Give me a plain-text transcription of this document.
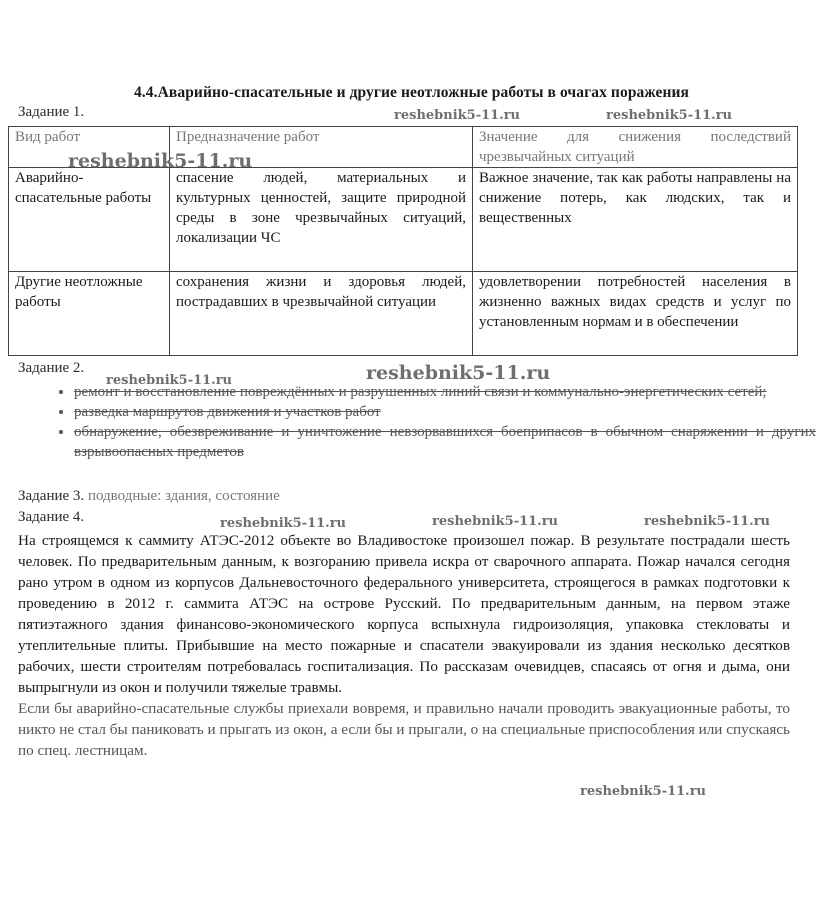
4.4.Аварийно-спасательные и другие неотложные работы в очагах поражения
Задание 1.
Вид работ	Предназначение работ	Значение для снижения последствий чрезвычайных ситуаций
Аварийно-спасательные работы	спасение людей, материальных и культурных ценностей, защите природной среды в зоне чрезвычайных ситуаций, локализации ЧС	Важное значение, так как работы направлены на снижение потерь, как людских, так и вещественных
Другие неотложные работы	сохранения жизни и здоровья людей, пострадавших в чрезвычайной ситуации	удовлетворении потребностей населения в жизненно важных видах средств и услуг по установленным нормам и в обеспечении
Задание 2.
• ремонт и восстановление повреждённых и разрушенных линий связи и коммунально-энергетических сетей;
• разведка маршрутов движения и участков работ
• обнаружение, обезвреживание и уничтожение невзорвавшихся боеприпасов в обычном снаряжении и других взрывоопасных предметов
Задание 3. подводные: здания, состояние
Задание 4.

На строящемся к саммиту АТЭС-2012 объекте во Владивостоке произошел пожар. В результате пострадали шесть человек. По предварительным данным, к возгоранию привела искра от сварочного аппарата. Пожар начался сегодня рано утром в одном из корпусов Дальневосточного федерального университета, строящегося в рамках подготовки к проведению в 2012 г. саммита АТЭС на острове Русский. По предварительным данным, на первом этаже пятиэтажного здания финансово-экономического корпуса вспыхнула гидроизоляция, упаковка стекловаты и утеплительные плиты. Прибывшие на место пожарные и спасатели эвакуировали из здания несколько десятков рабочих, шести строителям потребовалась госпитализация. По рассказам очевидцев, спасаясь от огня и дыма, они выпрыгнули из окон и получили тяжелые травмы.

Если бы аварийно-спасательные службы приехали вовремя, и правильно начали проводить эвакуационные работы, то никто не стал бы паниковать и прыгать из окон, а если бы и прыгали, о на специальные приспособления или спускаясь по спец. лестницам.

reshebnik5-11.ru	reshebnik5-11.ru
reshebnik5-11.ru
reshebnik5-11.ru
reshebnik5-11.ru
reshebnik5-11.ru	reshebnik5-11.ru	reshebnik5-11.ru
reshebnik5-11.ru
